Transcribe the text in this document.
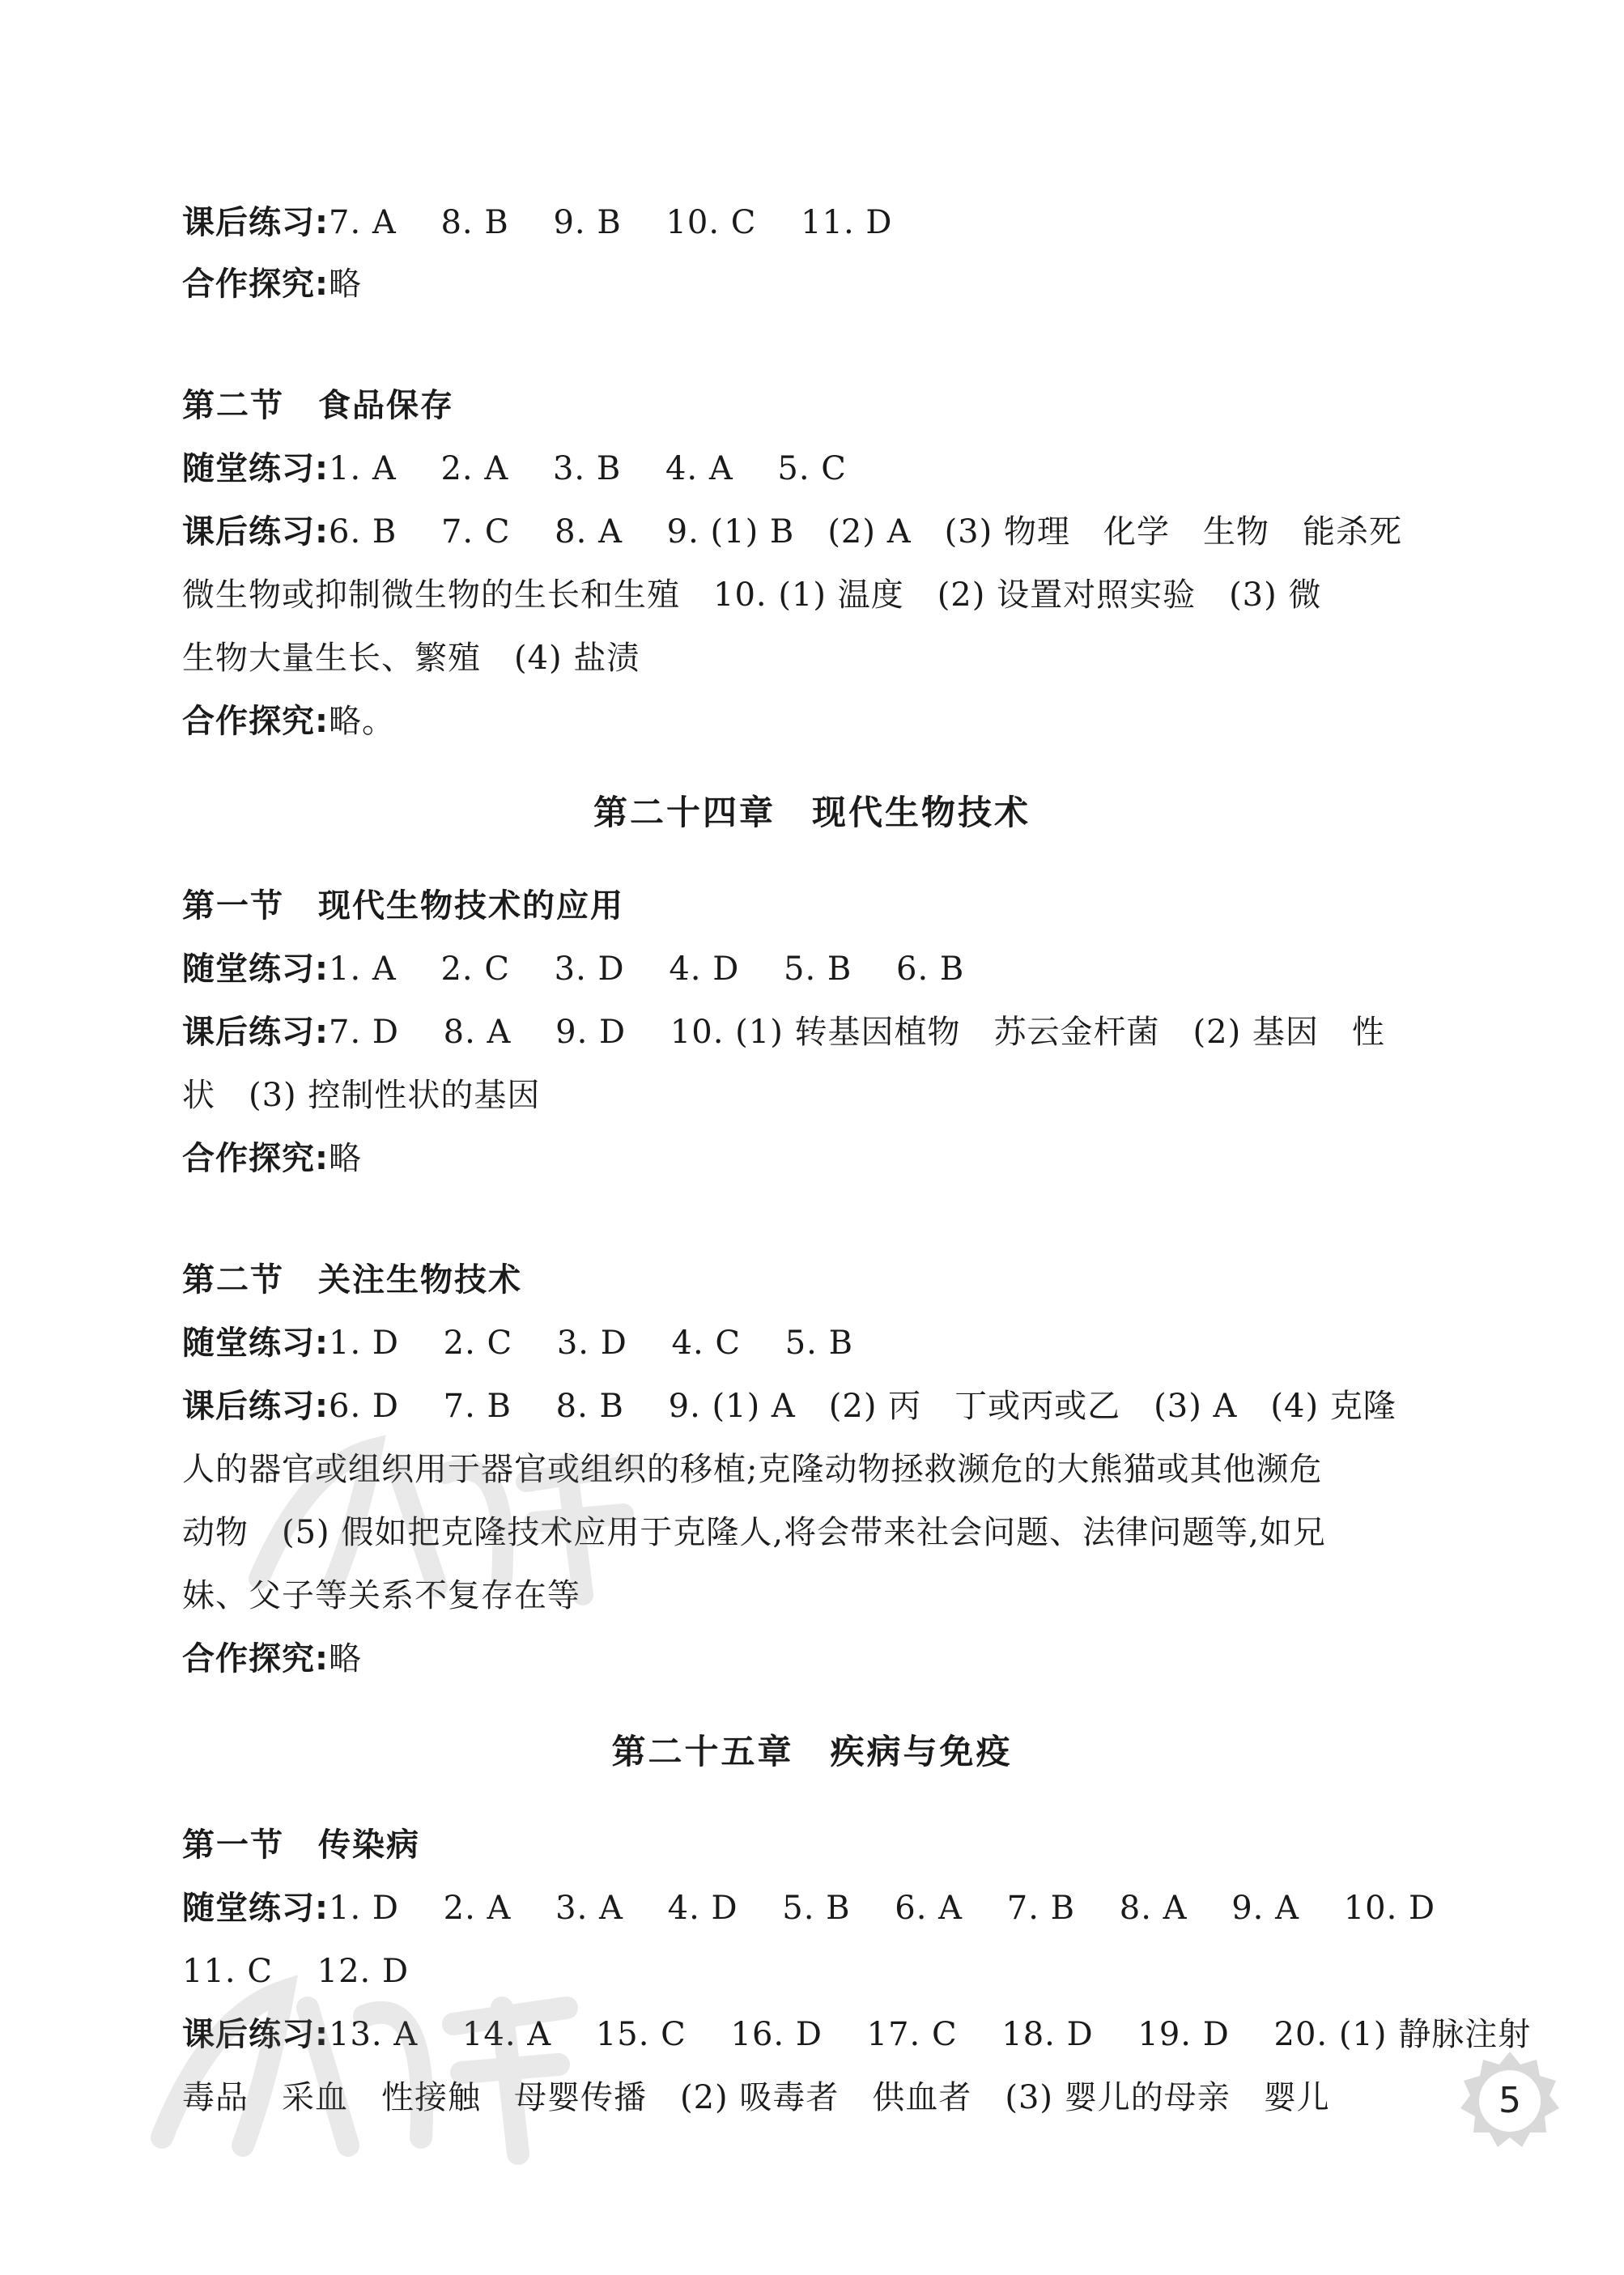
课后练习:7. A　 8. B　 9. B　 10. C　 11. D
合作探究:略
第二节　食品保存
随堂练习:1. A　 2. A　 3. B　 4. A　 5. C
课后练习:6. B　 7. C　 8. A　 9. (1) B　(2) A　(3) 物理　化学　生物　能杀死
微生物或抑制微生物的生长和生殖　10. (1) 温度　(2) 设置对照实验　(3) 微
生物大量生长、繁殖　(4) 盐渍
合作探究:略。
第二十四章　现代生物技术
第一节　现代生物技术的应用
随堂练习:1. A　 2. C　 3. D　 4. D　 5. B　 6. B
课后练习:7. D　 8. A　 9. D　 10. (1) 转基因植物　苏云金杆菌　(2) 基因　性
状　(3) 控制性状的基因
合作探究:略
第二节　关注生物技术
随堂练习:1. D　 2. C　 3. D　 4. C　 5. B
课后练习:6. D　 7. B　 8. B　 9. (1) A　(2) 丙　丁或丙或乙　(3) A　(4) 克隆
人的器官或组织用于器官或组织的移植;克隆动物拯救濒危的大熊猫或其他濒危
动物　(5) 假如把克隆技术应用于克隆人,将会带来社会问题、法律问题等,如兄
妹、父子等关系不复存在等
合作探究:略
第二十五章　疾病与免疫
第一节　传染病
随堂练习:1. D　 2. A　 3. A　 4. D　 5. B　 6. A　 7. B　 8. A　 9. A　 10. D
11. C　 12. D
课后练习:13. A　 14. A　 15. C　 16. D　 17. C　 18. D　 19. D　 20. (1) 静脉注射
毒品　采血　性接触　母婴传播　(2) 吸毒者　供血者　(3) 婴儿的母亲　婴儿	5
